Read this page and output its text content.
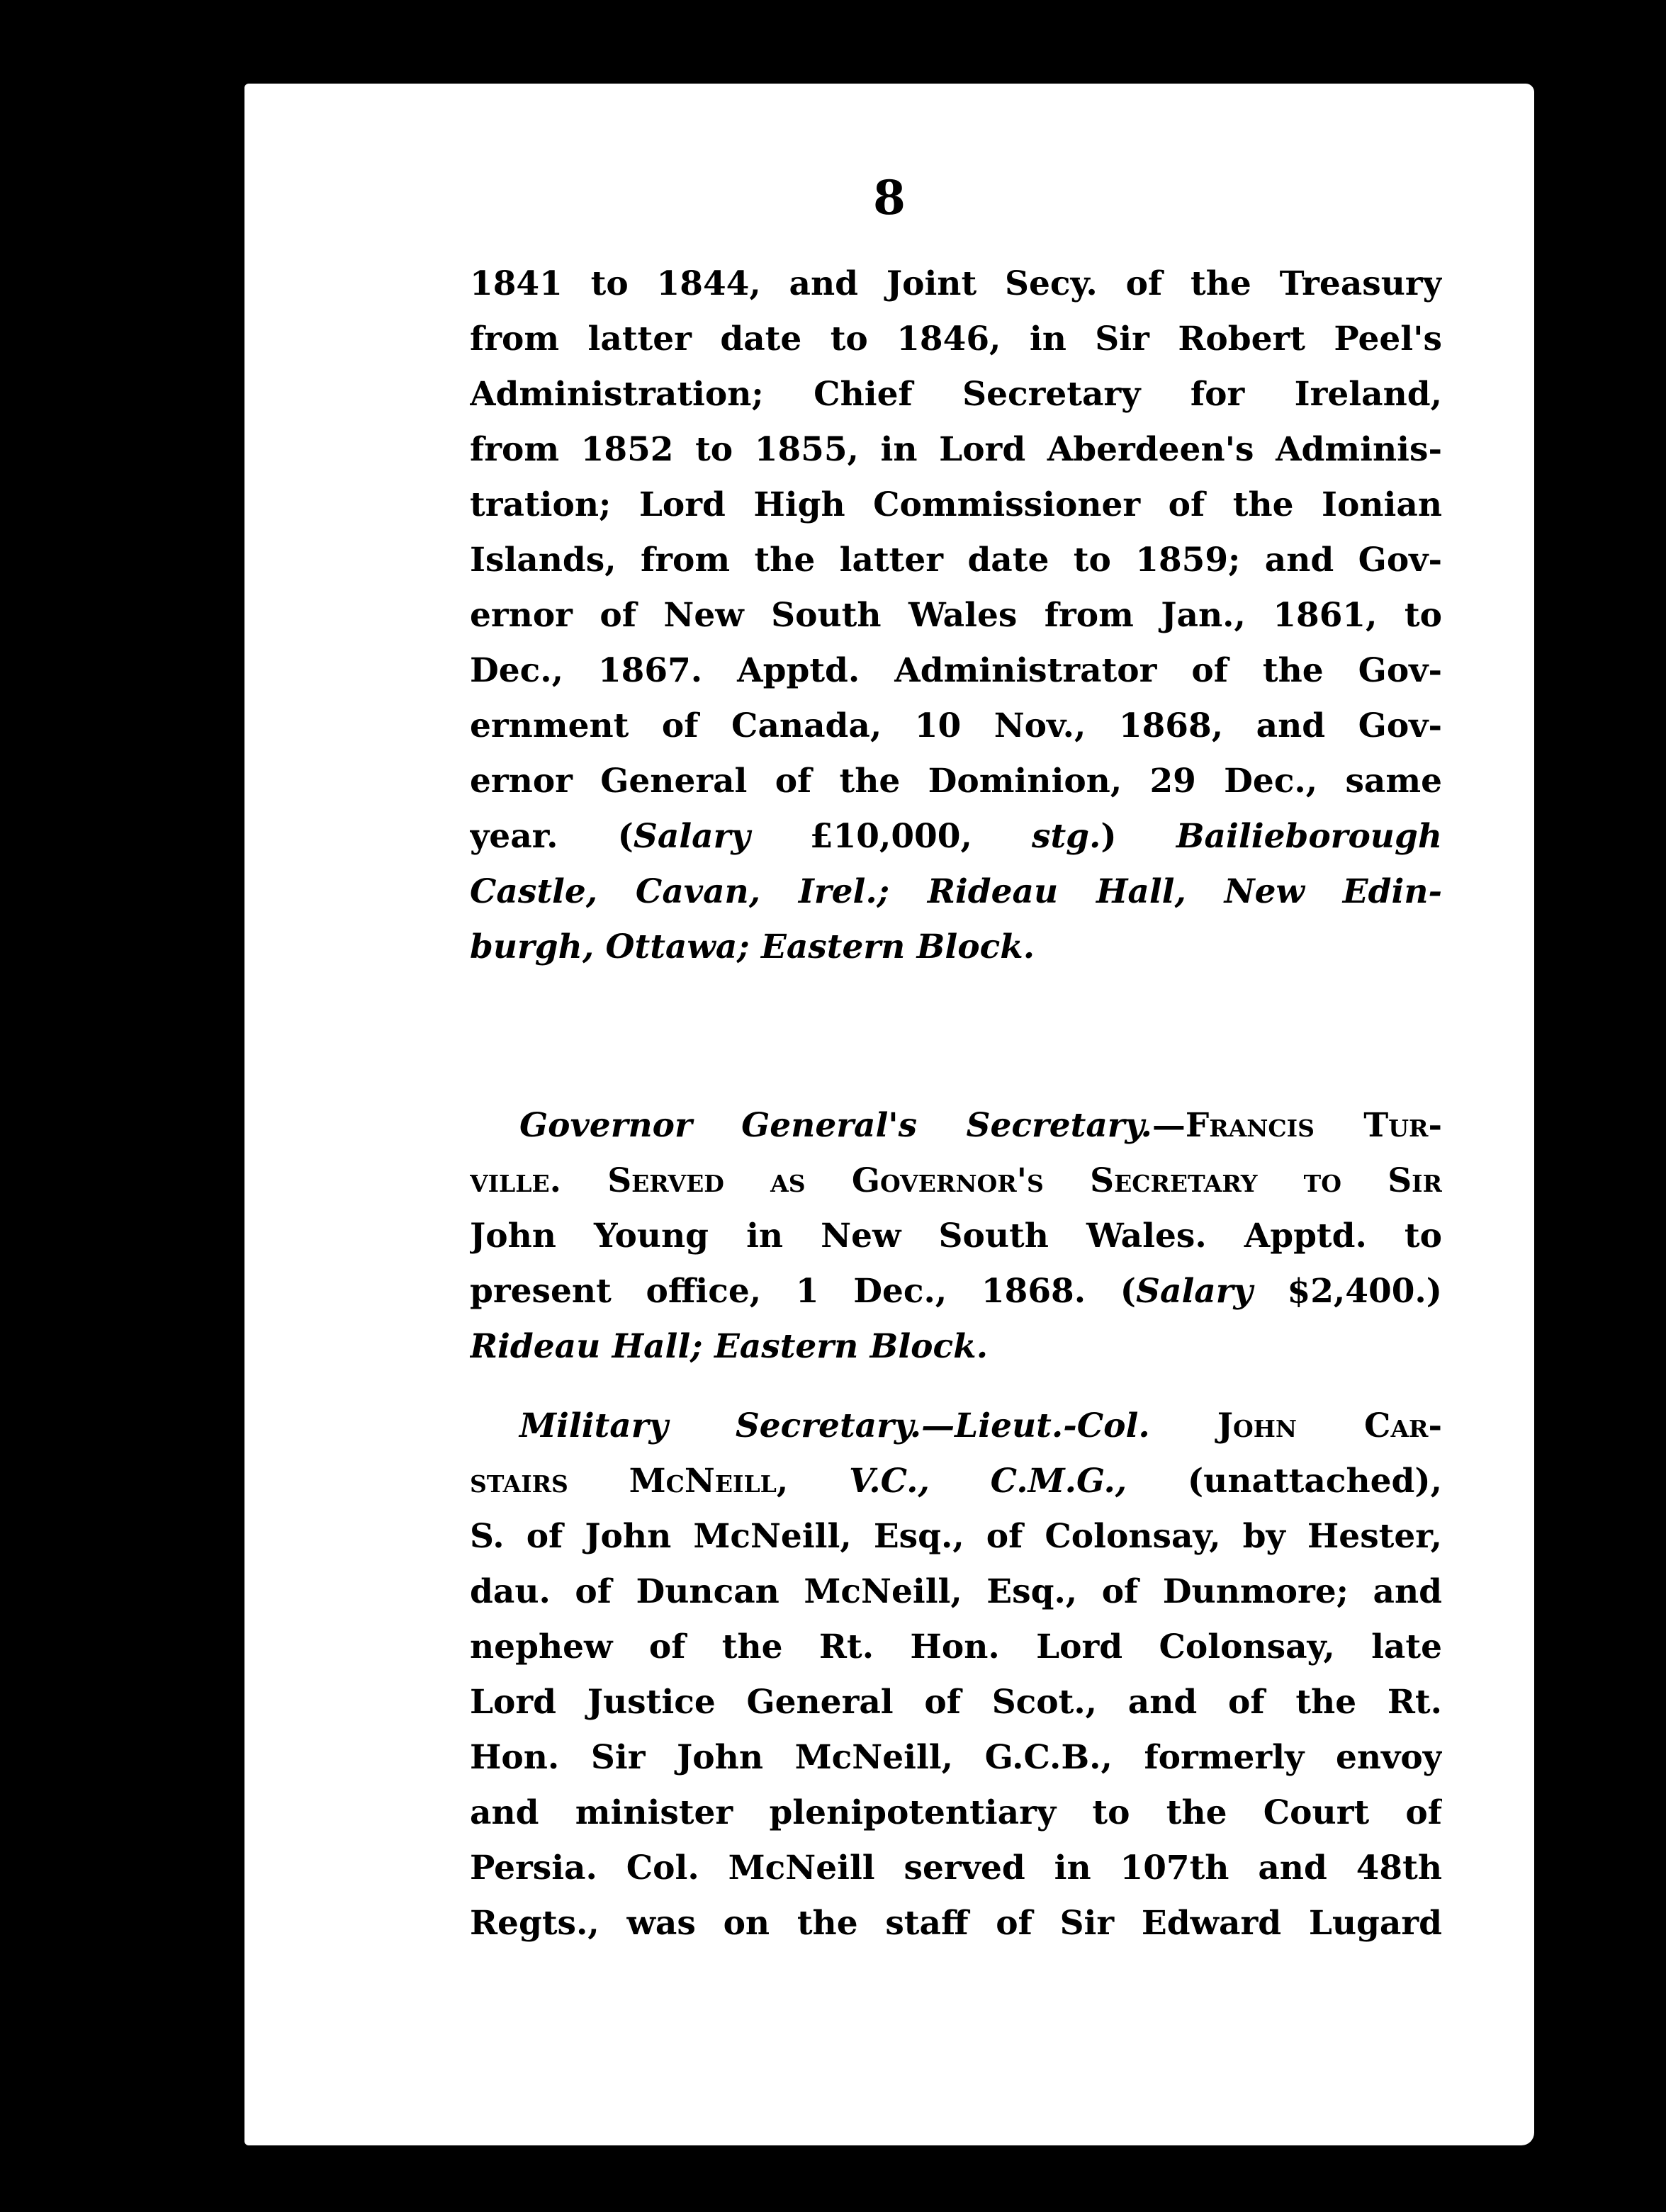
8
1841 to 1844, and Joint Secy. of the Treasury
from latter date to 1846, in Sir Robert Peel's
Administration; Chief Secretary for Ireland,
from 1852 to 1855, in Lord Aberdeen's Adminis-
tration; Lord High Commissioner of the Ionian
Islands, from the latter date to 1859; and Gov-
ernor of New South Wales from Jan., 1861, to
Dec., 1867. Apptd. Administrator of the Gov-
ernment of Canada, 10 Nov., 1868, and Gov-
ernor General of the Dominion, 29 Dec., same
year. (Salary £10,000, stg.) Bailieborough
Castle, Cavan, Irel.; Rideau Hall, New Edin-
burgh, Ottawa; Eastern Block.
Governor General's Secretary.—Francis Tur-
ville. Served as Governor's Secretary to Sir
John Young in New South Wales. Apptd. to
present office, 1 Dec., 1868. (Salary $2,400.)
Rideau Hall; Eastern Block.
Military Secretary.—Lieut.-Col. John Car-
stairs McNeill, V.C., C.M.G., (unattached),
S. of John McNeill, Esq., of Colonsay, by Hester,
dau. of Duncan McNeill, Esq., of Dunmore; and
nephew of the Rt. Hon. Lord Colonsay, late
Lord Justice General of Scot., and of the Rt.
Hon. Sir John McNeill, G.C.B., formerly envoy
and minister plenipotentiary to the Court of
Persia. Col. McNeill served in 107th and 48th
Regts., was on the staff of Sir Edward Lugard
